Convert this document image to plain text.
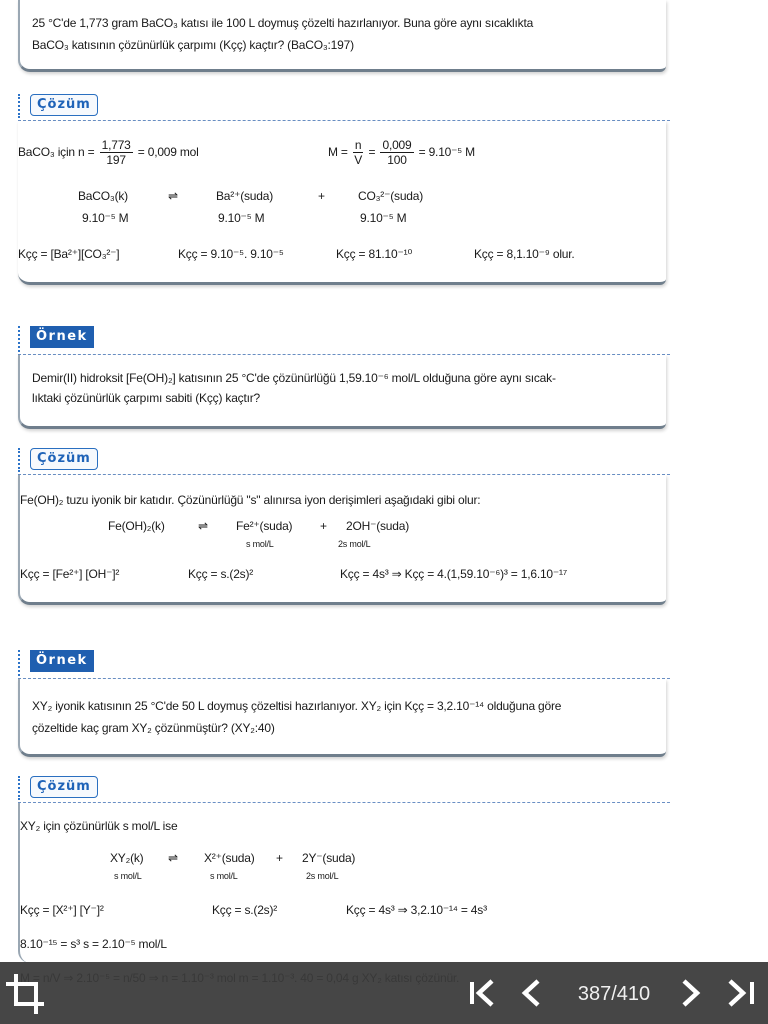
25 °C'de 1,773 gram BaCO₃ katısı ile 100 L doymuş çözelti hazırlanıyor. Buna göre aynı sıcaklıkta
BaCO₃ katısının çözünürlük çarpımı (Kçç) kaçtır? (BaCO₃:197)
Çözüm
BaCO₃ için $n = \frac{1,773}{197} = 0,009$ mol	$M = \frac{n}{V} = \frac{0,009}{100} = 9.10^{-5}$ M
BaCO₃(k)	⇌	Ba²⁺(suda)	+	CO₃²⁻(suda)
9.10⁻⁵ M	9.10⁻⁵ M	9.10⁻⁵ M
Kçç = [Ba²⁺][CO₃²⁻]	Kçç = 9.10⁻⁵. 9.10⁻⁵	Kçç = 81.10⁻¹⁰	Kçç = 8,1.10⁻⁹ olur.
Örnek
Demir(II) hidroksit [Fe(OH)₂] katısının 25 °C'de çözünürlüğü 1,59.10⁻⁶ mol/L olduğuna göre aynı sıcak-
lıktaki çözünürlük çarpımı sabiti (Kçç) kaçtır?
Çözüm
Fe(OH)₂ tuzu iyonik bir katıdır. Çözünürlüğü "s" alınırsa iyon derişimleri aşağıdaki gibi olur:
Fe(OH)₂(k)	⇌ Fe²⁺(suda) + 2OH⁻(suda)
s mol/L	2s mol/L
Kçç = [Fe²⁺] [OH⁻]²	Kçç = s.(2s)²	Kçç = 4s³ ⇒ Kçç = 4.(1,59.10⁻⁶)³ = 1,6.10⁻¹⁷
Örnek
XY₂ iyonik katısının 25 °C'de 50 L doymuş çözeltisi hazırlanıyor. XY₂ için Kçç = 3,2.10⁻¹⁴ olduğuna göre
çözeltide kaç gram XY₂ çözünmüştür? (XY₂:40)
Çözüm
XY₂ için çözünürlük s mol/L ise
XY₂(k) ⇌ X²⁺(suda) + 2Y⁻(suda)
s mol/L	s mol/L	2s mol/L
Kçç = [X²⁺] [Y⁻]²	Kçç = s.(2s)²	Kçç = 4s³ ⇒ 3,2.10⁻¹⁴ = 4s³
8.10⁻¹⁵ = s³ s = 2.10⁻⁵ mol/L
387/410
